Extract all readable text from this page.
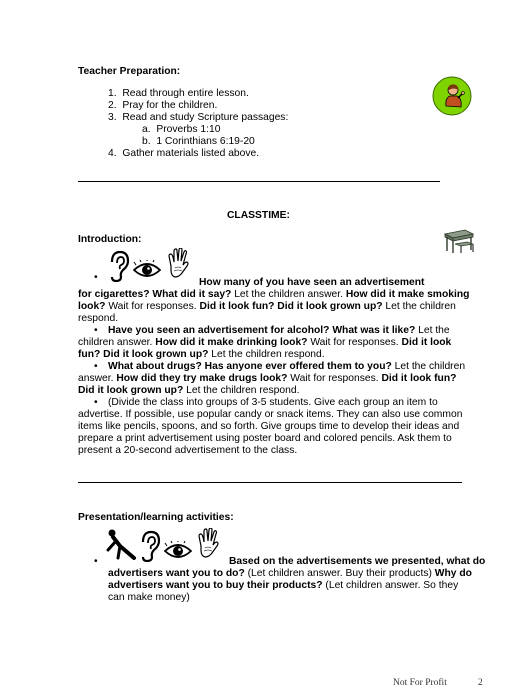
Teacher Preparation:
1. Read through entire lesson.
2. Pray for the children.
3. Read and study Scripture passages:
a. Proverbs 1:10
b. 1 Corinthians 6:19-20
4. Gather materials listed above.
CLASSTIME:
Introduction:
•	How many of you have seen an advertisement
for cigarettes? What did it say? Let the children answer. How did it make smoking
look? Wait for responses. Did it look fun? Did it look grown up? Let the children
respond.
• Have you seen an advertisement for alcohol? What was it like? Let the
children answer. How did it make drinking look? Wait for responses. Did it look
fun? Did it look grown up? Let the children respond.
• What about drugs? Has anyone ever offered them to you? Let the children
answer. How did they try make drugs look? Wait for responses. Did it look fun?
Did it look grown up? Let the children respond.
• (Divide the class into groups of 3-5 students. Give each group an item to
advertise. If possible, use popular candy or snack items. They can also use common
items like pencils, spoons, and so forth. Give groups time to develop their ideas and
prepare a print advertisement using poster board and colored pencils. Ask them to
present a 20-second advertisement to the class.
Presentation/learning activities:
•	Based on the advertisements we presented, what do
advertisers want you to do? (Let children answer. Buy their products) Why do
advertisers want you to buy their products? (Let children answer. So they
can make money)
Not For Profit	2
